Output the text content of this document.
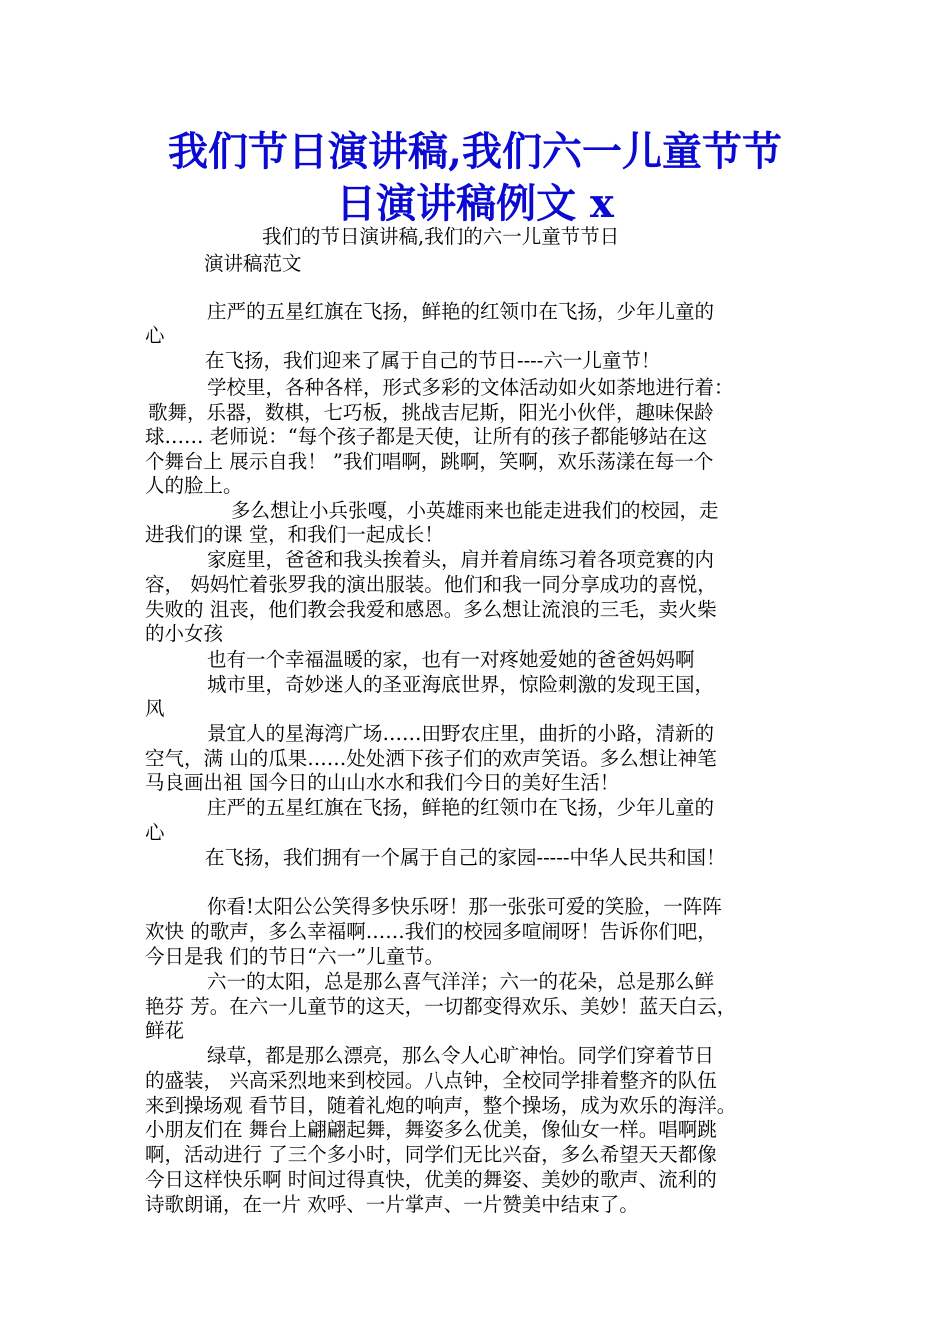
我们节日演讲稿,我们六一儿童节节
日演讲稿例文 x
我们的节日演讲稿,我们的六一儿童节节日
演讲稿范文
庄严的五星红旗在飞扬，鲜艳的红领巾在飞扬，少年儿童的
心
在飞扬，我们迎来了属于自己的节日----六一儿童节！
学校里，各种各样，形式多彩的文体活动如火如荼地进行着：
歌舞，乐器，数棋，七巧板，挑战吉尼斯，阳光小伙伴，趣味保龄
球…… 老师说：“每个孩子都是天使，让所有的孩子都能够站在这
个舞台上 展示自我！ ”我们唱啊，跳啊，笑啊，欢乐荡漾在每一个
人的脸上。
多么想让小兵张嘎，小英雄雨来也能走进我们的校园，走
进我们的课 堂，和我们一起成长！
家庭里，爸爸和我头挨着头，肩并着肩练习着各项竞赛的内
容， 妈妈忙着张罗我的演出服装。他们和我一同分享成功的喜悦，
失败的 沮丧，他们教会我爱和感恩。多么想让流浪的三毛，卖火柴
的小女孩
也有一个幸福温暖的家，也有一对疼她爱她的爸爸妈妈啊
城市里，奇妙迷人的圣亚海底世界，惊险刺激的发现王国，
风
景宜人的星海湾广场……田野农庄里，曲折的小路，清新的
空气，满 山的瓜果……处处洒下孩子们的欢声笑语。多么想让神笔
马良画出祖 国今日的山山水水和我们今日的美好生活！
庄严的五星红旗在飞扬，鲜艳的红领巾在飞扬，少年儿童的
心
在飞扬，我们拥有一个属于自己的家园-----中华人民共和国！
你看!太阳公公笑得多快乐呀！那一张张可爱的笑脸，一阵阵
欢快 的歌声，多么幸福啊……我们的校园多喧闹呀！告诉你们吧，
今日是我 们的节日“六一”儿童节。
六一的太阳，总是那么喜气洋洋；六一的花朵，总是那么鲜
艳芬 芳。在六一儿童节的这天，一切都变得欢乐、美妙！蓝天白云，
鲜花
绿草，都是那么漂亮，那么令人心旷神怡。同学们穿着节日
的盛装， 兴高采烈地来到校园。八点钟，全校同学排着整齐的队伍
来到操场观 看节目，随着礼炮的响声，整个操场，成为欢乐的海洋。
小朋友们在 舞台上翩翩起舞，舞姿多么优美，像仙女一样。唱啊跳
啊，活动进行 了三个多小时，同学们无比兴奋，多么希望天天都像
今日这样快乐啊 时间过得真快，优美的舞姿、美妙的歌声、流利的
诗歌朗诵，在一片 欢呼、一片掌声、一片赞美中结束了。
